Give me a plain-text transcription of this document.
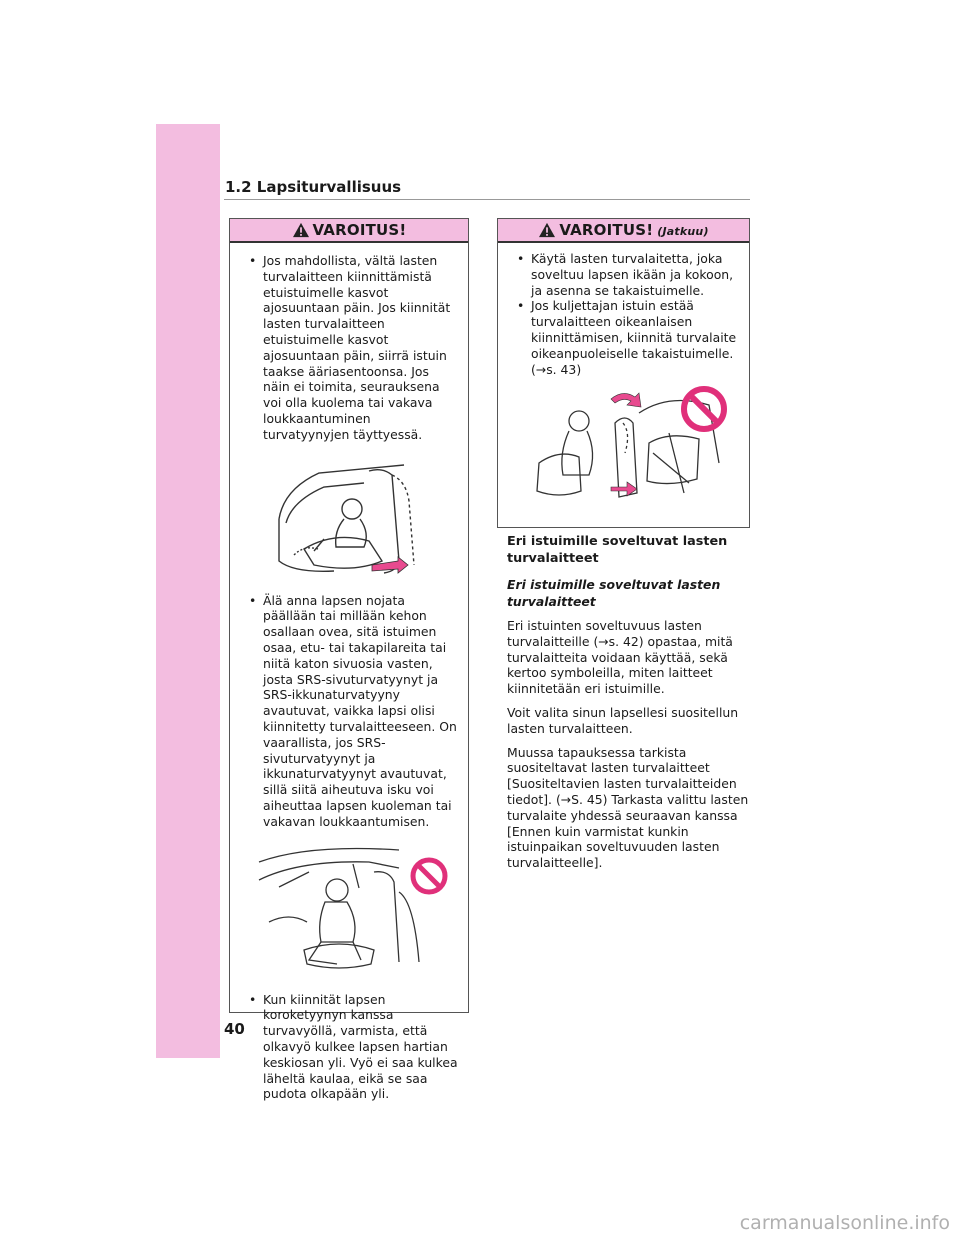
1.2 Lapsiturvallisuus
VAROITUS!
• Jos mahdollista, vältä lasten turvalaitteen kiinnittämistä etuistuimelle kasvot ajosuuntaan päin. Jos kiinnität lasten turvalaitteen etuistuimelle kasvot ajosuuntaan päin, siirrä istuin taakse ääriasentoonsa. Jos näin ei toimita, seurauksena voi olla kuolema tai vakava loukkaantuminen turvatyynyjen täyttyessä.
• Älä anna lapsen nojata päällään tai millään kehon osallaan ovea, sitä istuimen osaa, etu- tai takapilareita tai niitä katon sivuosia vasten, josta SRS-sivuturvatyynyt ja SRS-ikkunaturvatyyny avautuvat, vaikka lapsi olisi kiinnitetty turvalaitteeseen. On vaarallista, jos SRS-sivuturvatyynyt ja ikkunaturvatyynyt avautuvat, sillä siitä aiheutuva isku voi aiheuttaa lapsen kuoleman tai vakavan loukkaantumisen.
• Kun kiinnität lapsen koroketyynyn kanssa turvavyöllä, varmista, että olkavyö kulkee lapsen hartian keskiosan yli. Vyö ei saa kulkea läheltä kaulaa, eikä se saa pudota olkapään yli.
VAROITUS! (Jatkuu)
• Käytä lasten turvalaitetta, joka soveltuu lapsen ikään ja kokoon, ja asenna se takaistuimelle.
• Jos kuljettajan istuin estää turvalaitteen oikeanlaisen kiinnittämisen, kiinnitä turvalaite oikeanpuoleiselle takaistuimelle. (→s. 43)
Eri istuimille soveltuvat lasten turvalaitteet
Eri istuimille soveltuvat lasten turvalaitteet

Eri istuinten soveltuvuus lasten turvalaitteille (→s. 42) opastaa, mitä turvalaitteita voidaan käyttää, sekä kertoo symboleilla, miten laitteet kiinnitetään eri istuimille.

Voit valita sinun lapsellesi suositellun lasten turvalaitteen.

Muussa tapauksessa tarkista suositeltavat lasten turvalaitteet [Suositeltavien lasten turvalaitteiden tiedot]. (→S. 45) Tarkasta valittu lasten turvalaite yhdessä seuraavan kanssa [Ennen kuin varmistat kunkin istuinpaikan soveltuvuuden lasten turvalaitteelle].

40
carmanualsonline.info
